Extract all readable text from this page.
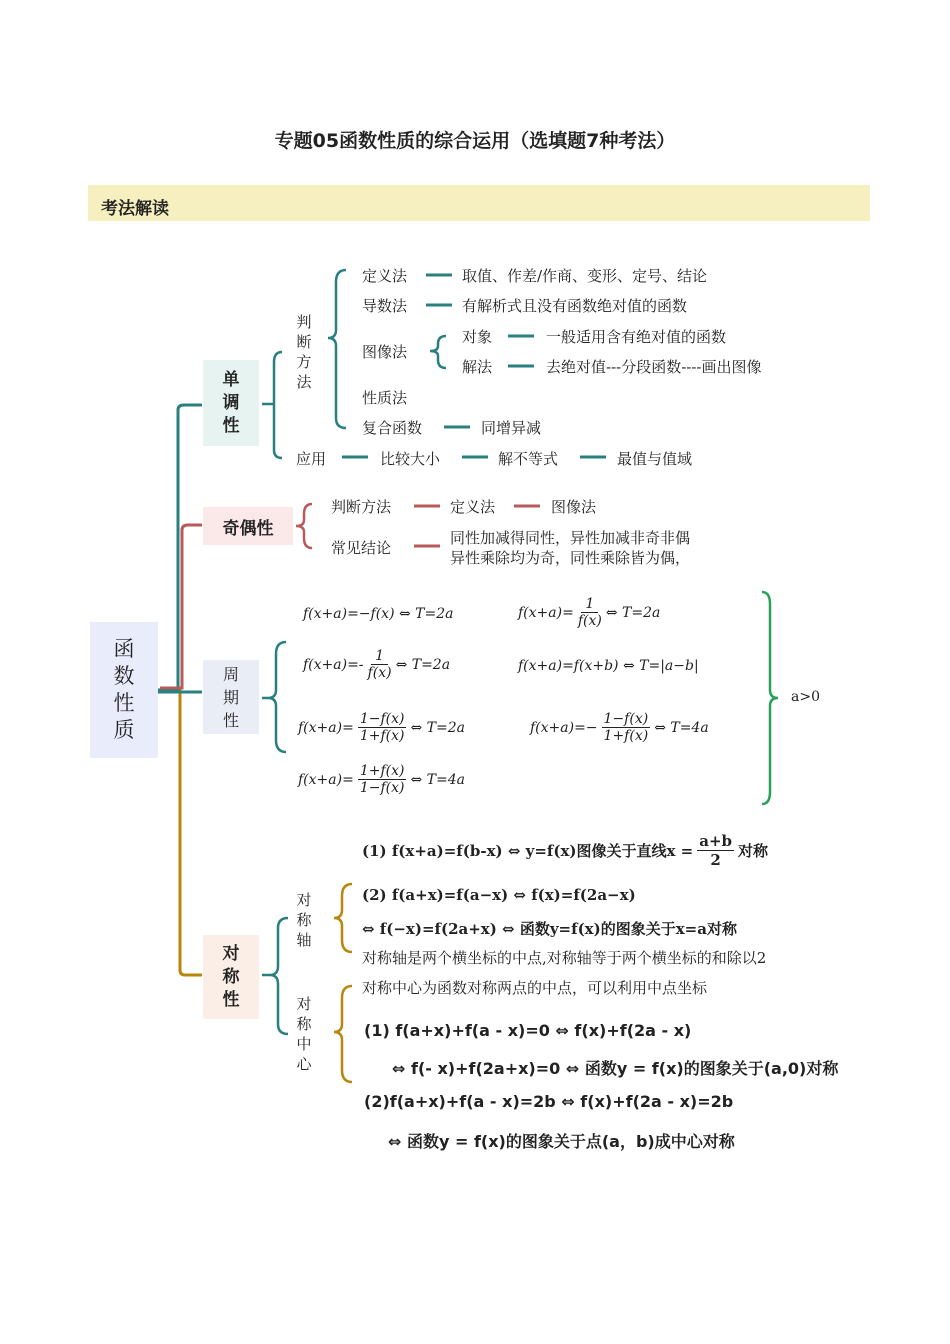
专题05函数性质的综合运用（选填题7种考法）
考法解读
函数性质
单调性
判断方法
定义法	取值、作差/作商、变形、定号、结论
导数法	有解析式且没有函数绝对值的函数
图像法
对象	一般适用含有绝对值的函数
解法	去绝对值---分段函数----画出图像
性质法
复合函数	同增异减
应用	比较大小	解不等式	最值与值域
奇偶性
判断方法	定义法	图像法
常见结论
同性加减得同性，异性加减非奇非偶
异性乘除均为奇，同性乘除皆为偶，
周期性
f(x+a)=−f(x) ⇔ T=2a	$f(x+a)= \frac{1}{f(x)}$ ⇔ T=2a
$f(x+a)=- \frac{1}{f(x)}$ ⇔ T=2a	f(x+a)=f(x+b) ⇔ T=|a−b|
$f(x+a)= \frac{1-f(x)}{1+f(x)}$ ⇔ T=2a	$f(x+a)=- \frac{1-f(x)}{1+f(x)}$ ⇔ T=4a
$f(x+a)= \frac{1+f(x)}{1-f(x)}$ ⇔ T=4a
a>0
对称性
对称轴
对称中心
(1) f(x+a)=f(b-x) ⇔ y=f(x)图像关于直线$x = \frac{a+b}{2}$ 对称
(2) f(a+x)=f(a−x) ⇔ f(x)=f(2a−x)
⇔ f(−x)=f(2a+x) ⇔ 函数y=f(x)的图象关于x=a对称
对称轴是两个横坐标的中点,对称轴等于两个横坐标的和除以2
对称中心为函数对称两点的中点，可以利用中点坐标
(1) f(a+x)+f(a - x)=0 ⇔ f(x)+f(2a - x)
⇔ f(- x)+f(2a+x)=0 ⇔ 函数y = f(x)的图象关于(a,0)对称
(2)f(a+x)+f(a - x)=2b ⇔ f(x)+f(2a - x)=2b
⇔ 函数y = f(x)的图象关于点(a，b)成中心对称
